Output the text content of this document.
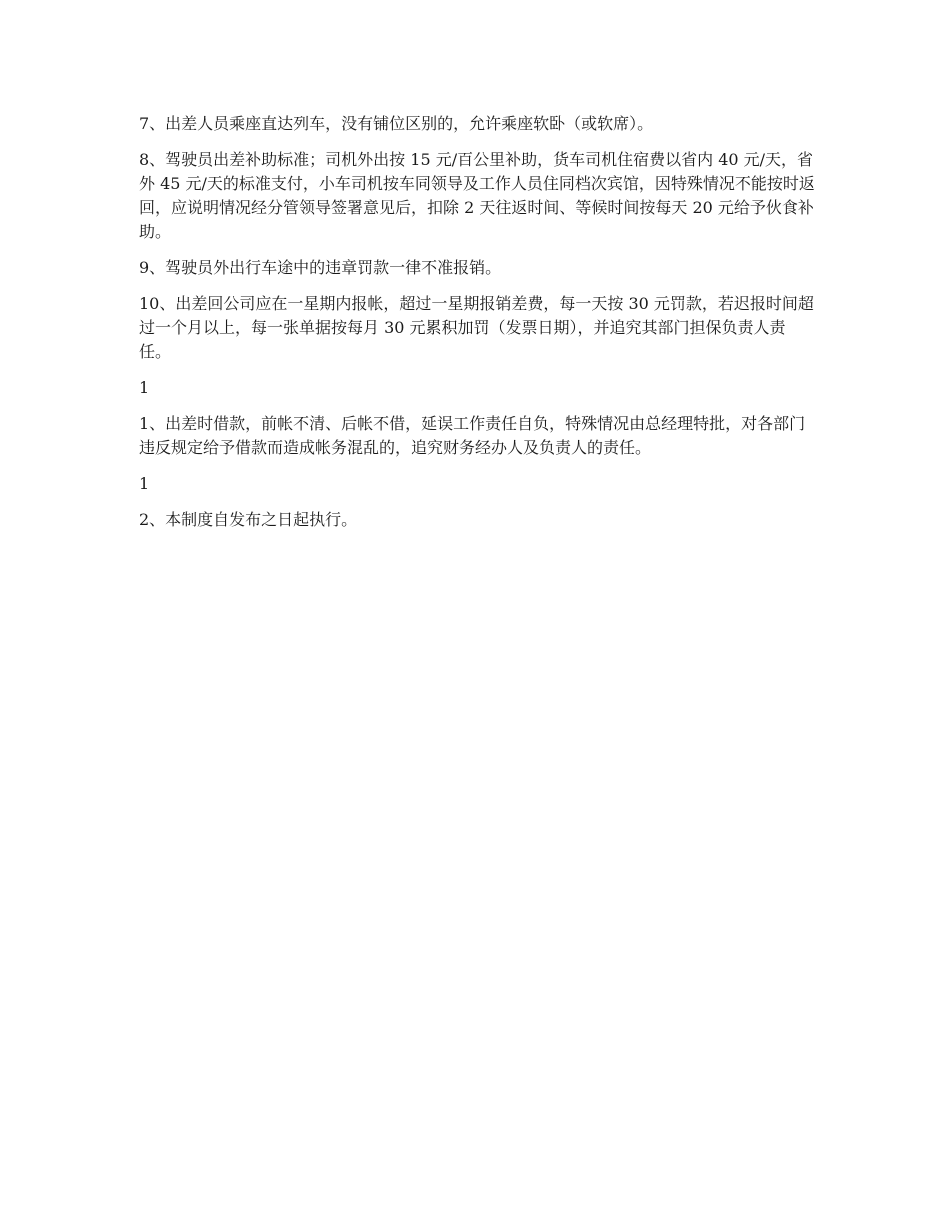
7、出差人员乘座直达列车，没有铺位区别的，允许乘座软卧（或软席）。

8、驾驶员出差补助标准；司机外出按 15 元/百公里补助，货车司机住宿费以省内 40 元/天，省外 45 元/天的标准支付，小车司机按车同领导及工作人员住同档次宾馆，因特殊情况不能按时返回，应说明情况经分管领导签署意见后，扣除 2 天往返时间、等候时间按每天 20 元给予伙食补助。

9、驾驶员外出行车途中的违章罚款一律不准报销。

10、出差回公司应在一星期内报帐，超过一星期报销差费，每一天按 30 元罚款，若迟报时间超过一个月以上，每一张单据按每月 30 元累积加罚（发票日期），并追究其部门担保负责人责任。

1

1、出差时借款，前帐不清、后帐不借，延误工作责任自负，特殊情况由总经理特批，对各部门违反规定给予借款而造成帐务混乱的，追究财务经办人及负责人的责任。

1

2、本制度自发布之日起执行。
